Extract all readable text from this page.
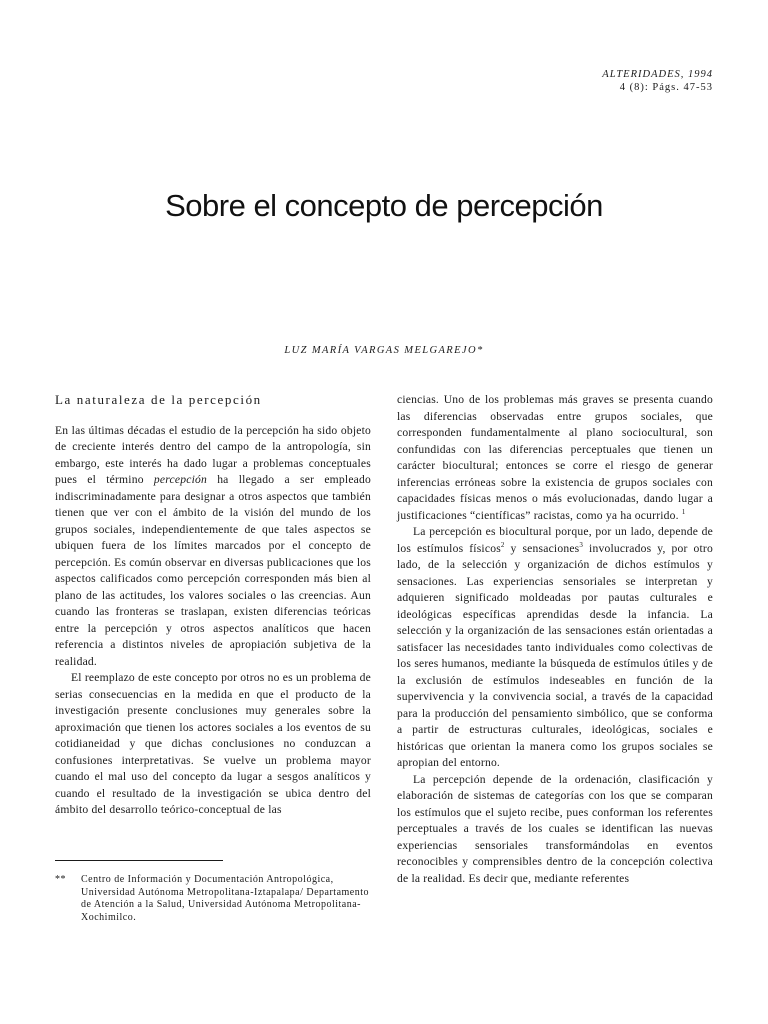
ALTERIDADES, 1994
4 (8): Págs. 47-53
Sobre el concepto de percepción
LUZ MARÍA VARGAS MELGAREJO*
La naturaleza de la percepción

En las últimas décadas el estudio de la percepción ha sido objeto de creciente interés dentro del campo de la antropología, sin embargo, este interés ha dado lugar a problemas conceptuales pues el término percepción ha llegado a ser empleado indiscriminadamente para designar a otros aspectos que también tienen que ver con el ámbito de la visión del mundo de los grupos sociales, independientemente de que tales aspectos se ubiquen fuera de los límites marcados por el concepto de percepción. Es común observar en diversas publicaciones que los aspectos calificados como percepción corresponden más bien al plano de las actitudes, los valores sociales o las creencias. Aun cuando las fronteras se traslapan, existen diferencias teóricas entre la percepción y otros aspectos analíticos que hacen referencia a distintos niveles de apropiación subjetiva de la realidad.

El reemplazo de este concepto por otros no es un problema de serias consecuencias en la medida en que el producto de la investigación presente conclusiones muy generales sobre la aproximación que tienen los actores sociales a los eventos de su cotidianeidad y que dichas conclusiones no conduzcan a confusiones interpretativas. Se vuelve un problema mayor cuando el mal uso del concepto da lugar a sesgos analíticos y cuando el resultado de la investigación se ubica dentro del ámbito del desarrollo teórico-conceptual de las

ciencias. Uno de los problemas más graves se presenta cuando las diferencias observadas entre grupos sociales, que corresponden fundamentalmente al plano sociocultural, son confundidas con las diferencias perceptuales que tienen un carácter biocultural; entonces se corre el riesgo de generar inferencias erróneas sobre la existencia de grupos sociales con capacidades físicas menos o más evolucionadas, dando lugar a justificaciones “científicas” racistas, como ya ha ocurrido. $^1$

La percepción es biocultural porque, por un lado, depende de los estímulos físicos$^2$ y sensaciones$^3$ involucrados y, por otro lado, de la selección y organización de dichos estímulos y sensaciones. Las experiencias sensoriales se interpretan y adquieren significado moldeadas por pautas culturales e ideológicas específicas aprendidas desde la infancia. La selección y la organización de las sensaciones están orientadas a satisfacer las necesidades tanto individuales como colectivas de los seres humanos, mediante la búsqueda de estímulos útiles y de la exclusión de estímulos indeseables en función de la supervivencia y la convivencia social, a través de la capacidad para la producción del pensamiento simbólico, que se conforma a partir de estructuras culturales, ideológicas, sociales e históricas que orientan la manera como los grupos sociales se apropian del entorno.

La percepción depende de la ordenación, clasificación y elaboración de sistemas de categorías con los que se comparan los estímulos que el sujeto recibe, pues conforman los referentes perceptuales a través de los cuales se identifican las nuevas experiencias sensoriales transformándolas en eventos reconocibles y comprensibles dentro de la concepción colectiva de la realidad. Es decir que, mediante referentes

**	Centro de Información y Documentación Antropológica, Universidad Autónoma Metropolitana-Iztapalapa/ Departamento de Atención a la Salud, Universidad Autónoma Metropolitana-Xochimilco.
